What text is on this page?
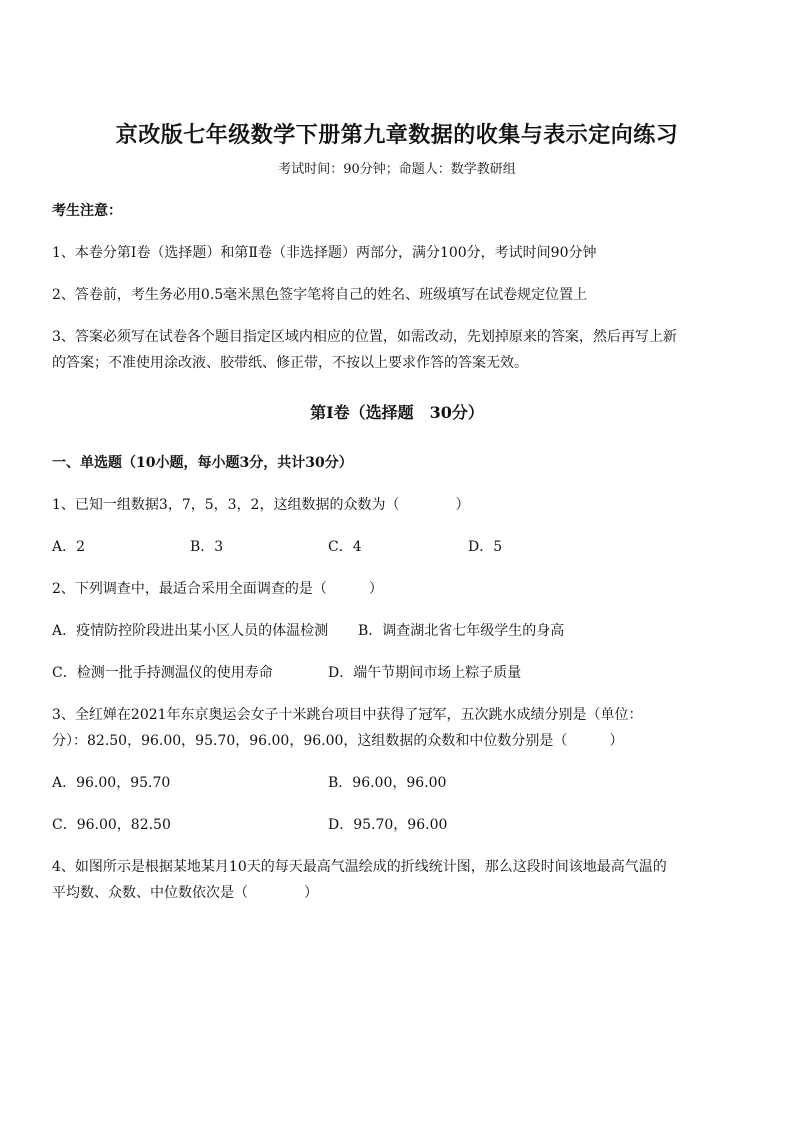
京改版七年级数学下册第九章数据的收集与表示定向练习
考试时间：90分钟；命题人：数学教研组
考生注意：
1、本卷分第Ⅰ卷（选择题）和第Ⅱ卷（非选择题）两部分，满分100分，考试时间90分钟
2、答卷前，考生务必用0.5毫米黑色签字笔将自己的姓名、班级填写在试卷规定位置上
3、答案必须写在试卷各个题目指定区域内相应的位置，如需改动，先划掉原来的答案，然后再写上新
的答案；不准使用涂改液、胶带纸、修正带，不按以上要求作答的答案无效。
第Ⅰ卷（选择题　30分）
一、单选题（10小题，每小题3分，共计30分）
1、已知一组数据3，7，5，3，2，这组数据的众数为（　　　　）
A．2	B．3	C．4	D．5
2、下列调查中，最适合采用全面调查的是（　　　）
A．疫情防控阶段进出某小区人员的体温检测 B．调查湖北省七年级学生的身高
C．检测一批手持测温仪的使用寿命	D．端午节期间市场上粽子质量
3、全红婵在2021年东京奥运会女子十米跳台项目中获得了冠军，五次跳水成绩分别是（单位：
分）：82.50，96.00，95.70，96.00，96.00，这组数据的众数和中位数分别是（　　　）
A．96.00，95.70	B．96.00，96.00
C．96.00，82.50	D．95.70，96.00
4、如图所示是根据某地某月10天的每天最高气温绘成的折线统计图，那么这段时间该地最高气温的
平均数、众数、中位数依次是（　　　　）
